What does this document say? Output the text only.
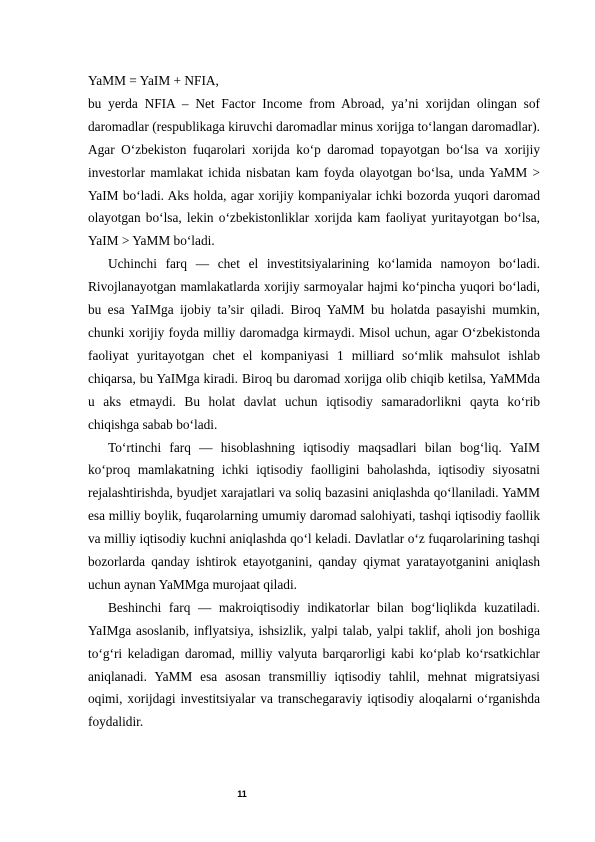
YaMM = YaIM + NFIA,

bu yerda NFIA – Net Factor Income from Abroad, ya’ni xorijdan olingan sof daromadlar (respublikaga kiruvchi daromadlar minus xorijga to‘langan daromadlar). Agar O‘zbekiston fuqarolari xorijda ko‘p daromad topayotgan bo‘lsa va xorijiy investorlar mamlakat ichida nisbatan kam foyda olayotgan bo‘lsa, unda YaMM > YaIM bo‘ladi. Aks holda, agar xorijiy kompaniyalar ichki bozorda yuqori daromad olayotgan bo‘lsa, lekin o‘zbekistonliklar xorijda kam faoliyat yuritayotgan bo‘lsa, YaIM > YaMM bo‘ladi.

Uchinchi farq — chet el investitsiyalarining ko‘lamida namoyon bo‘ladi. Rivojlanayotgan mamlakatlarda xorijiy sarmoyalar hajmi ko‘pincha yuqori bo‘ladi, bu esa YaIMga ijobiy ta’sir qiladi. Biroq YaMM bu holatda pasayishi mumkin, chunki xorijiy foyda milliy daromadga kirmaydi. Misol uchun, agar O‘zbekistonda faoliyat yuritayotgan chet el kompaniyasi 1 milliard so‘mlik mahsulot ishlab chiqarsa, bu YaIMga kiradi. Biroq bu daromad xorijga olib chiqib ketilsa, YaMMda u aks etmaydi. Bu holat davlat uchun iqtisodiy samaradorlikni qayta ko‘rib chiqishga sabab bo‘ladi.

To‘rtinchi farq — hisoblashning iqtisodiy maqsadlari bilan bog‘liq. YaIM ko‘proq mamlakatning ichki iqtisodiy faolligini baholashda, iqtisodiy siyosatni rejalashtirishda, byudjet xarajatlari va soliq bazasini aniqlashda qo‘llaniladi. YaMM esa milliy boylik, fuqarolarning umumiy daromad salohiyati, tashqi iqtisodiy faollik va milliy iqtisodiy kuchni aniqlashda qo‘l keladi. Davlatlar o‘z fuqarolarining tashqi bozorlarda qanday ishtirok etayotganini, qanday qiymat yaratayotganini aniqlash uchun aynan YaMMga murojaat qiladi.

Beshinchi farq — makroiqtisodiy indikatorlar bilan bog‘liqlikda kuzatiladi. YaIMga asoslanib, inflyatsiya, ishsizlik, yalpi talab, yalpi taklif, aholi jon boshiga to‘g‘ri keladigan daromad, milliy valyuta barqarorligi kabi ko‘plab ko‘rsatkichlar aniqlanadi. YaMM esa asosan transmilliy iqtisodiy tahlil, mehnat migratsiyasi oqimi, xorijdagi investitsiyalar va transchegaraviy iqtisodiy aloqalarni o‘rganishda foydalidir.

11
